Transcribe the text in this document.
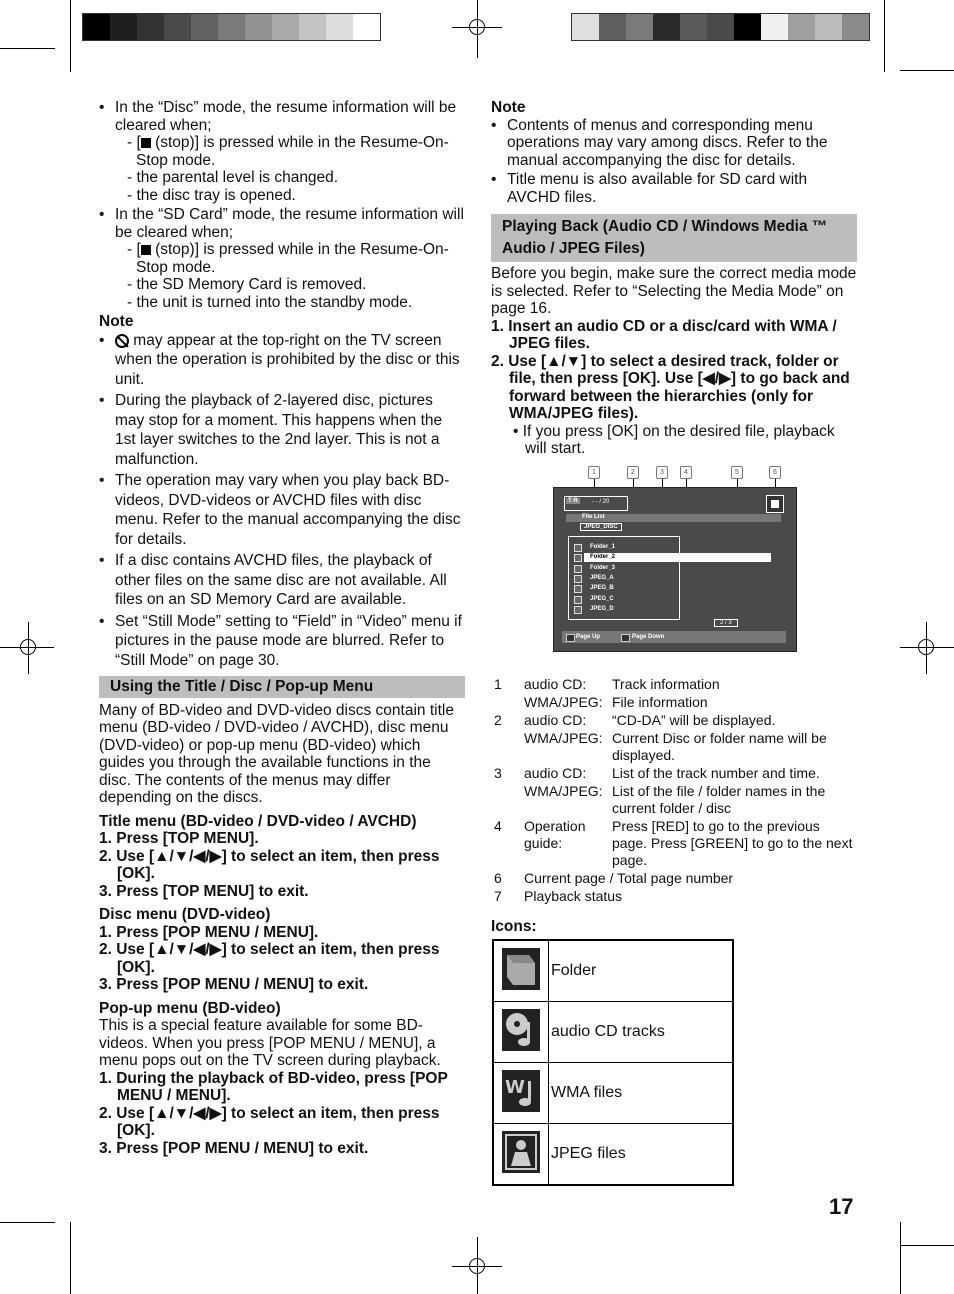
• In the “Disc” mode, the resume information will be cleared when;
- [ (stop)] is pressed while in the Resume-On-Stop mode.
- the parental level is changed.
- the disc tray is opened.
• In the “SD Card” mode, the resume information will be cleared when;
- [ (stop)] is pressed while in the Resume-On-Stop mode.
- the SD Memory Card is removed.
- the unit is turned into the standby mode.
Note
• may appear at the top-right on the TV screen when the operation is prohibited by the disc or this unit.
• During the playback of 2-layered disc, pictures may stop for a moment. This happens when the 1st layer switches to the 2nd layer. This is not a malfunction.
• The operation may vary when you play back BD-videos, DVD-videos or AVCHD files with disc menu. Refer to the manual accompanying the disc for details.
• If a disc contains AVCHD files, the playback of other files on the same disc are not available. All files on an SD Memory Card are available.
• Set “Still Mode” setting to “Field” in “Video” menu if pictures in the pause mode are blurred. Refer to “Still Mode” on page 30.
Using the Title / Disc / Pop-up Menu
Many of BD-video and DVD-video discs contain title menu (BD-video / DVD-video / AVCHD), disc menu (DVD-video) or pop-up menu (BD-video) which guides you through the available functions in the disc. The contents of the menus may differ depending on the discs.
Title menu (BD-video / DVD-video / AVCHD)
1. Press [TOP MENU].
2. Use [▲/▼/◀/▶] to select an item, then press [OK].
3. Press [TOP MENU] to exit.
Disc menu (DVD-video)
1. Press [POP MENU / MENU].
2. Use [▲/▼/◀/▶] to select an item, then press [OK].
3. Press [POP MENU / MENU] to exit.
Pop-up menu (BD-video)
This is a special feature available for some BD-videos. When you press [POP MENU / MENU], a menu pops out on the TV screen during playback.
1. During the playback of BD-video, press [POP MENU / MENU].
2. Use [▲/▼/◀/▶] to select an item, then press [OK].
3. Press [POP MENU / MENU] to exit.
Note
• Contents of menus and corresponding menu operations may vary among discs. Refer to the manual accompanying the disc for details.
• Title menu is also available for SD card with AVCHD files.
Playing Back (Audio CD / Windows Media ™ Audio / JPEG Files)
Before you begin, make sure the correct media mode is selected. Refer to “Selecting the Media Mode” on page 16.
1. Insert an audio CD or a disc/card with WMA / JPEG files.
2. Use [▲/▼] to select a desired track, folder or file, then press [OK]. Use [◀/▶] to go back and forward between the hierarchies (only for WMA/JPEG files).
• If you press [OK] on the desired file, playback will start.
1	2	3	4	5	6
T R	- - / 20
File List
JPEG_DISC
Folder_1
Folder_2
Folder_3
JPEG_A
JPEG_B
JPEG_C
JPEG_D
2 / 3
Page Up	Page Down
1	audio CD:	Track information
	WMA/JPEG:	File information
2	audio CD:	“CD-DA” will be displayed.
	WMA/JPEG:	Current Disc or folder name will be displayed.
3	audio CD:	List of the track number and time.
	WMA/JPEG:	List of the file / folder names in the current folder / disc
4	Operation guide:	Press [RED] to go to the previous page. Press [GREEN] to go to the next page.
6	Current page / Total page number	
7	Playback status	
Icons:
	Folder
	audio CD tracks

W	WMA files
	JPEG files
17
